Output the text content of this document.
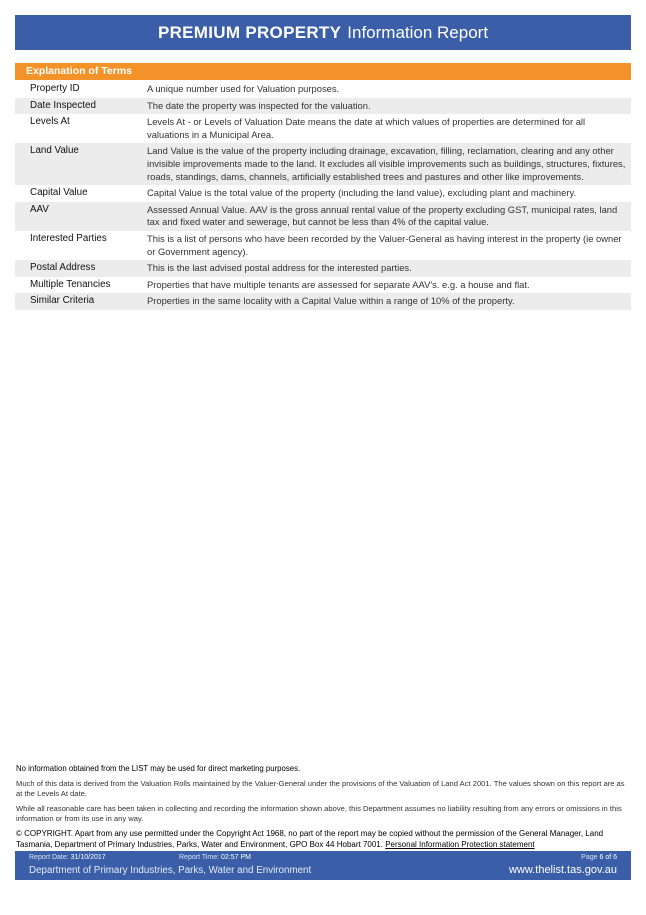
PREMIUM PROPERTY Information Report
Explanation of Terms
Property ID	A unique number used for Valuation purposes.
Date Inspected	The date the property was inspected for the valuation.
Levels At	Levels At - or Levels of Valuation Date means the date at which values of properties are determined for all valuations in a Municipal Area.
Land Value	Land Value is the value of the property including drainage, excavation, filling, reclamation, clearing and any other invisible improvements made to the land. It excludes all visible improvements such as buildings, structures, fixtures, roads, standings, dams, channels, artificially established trees and pastures and other like improvements.
Capital Value	Capital Value is the total value of the property (including the land value), excluding plant and machinery.
AAV	Assessed Annual Value. AAV is the gross annual rental value of the property excluding GST, municipal rates, land tax and fixed water and sewerage, but cannot be less than 4% of the capital value.
Interested Parties	This is a list of persons who have been recorded by the Valuer-General as having interest in the property (ie owner or Government agency).
Postal Address	This is the last advised postal address for the interested parties.
Multiple Tenancies	Properties that have multiple tenants are assessed for separate AAV's. e.g. a house and flat.
Similar Criteria	Properties in the same locality with a Capital Value within a range of 10% of the property.

No information obtained from the LIST may be used for direct marketing purposes.

Much of this data is derived from the Valuation Rolls maintained by the Valuer-General under the provisions of the Valuation of Land Act 2001. The values shown on this report are as at the Levels At date.

While all reasonable care has been taken in collecting and recording the information shown above, this Department assumes no liability resulting from any errors or omissions in this information or from its use in any way.

© COPYRIGHT. Apart from any use permitted under the Copyright Act 1968, no part of the report may be copied without the permission of the General Manager, Land Tasmania, Department of Primary Industries, Parks, Water and Environment, GPO Box 44 Hobart 7001. Personal Information Protection statement
Report Date: 31/10/2017	Report Time: 02:57 PM	Page 6 of 6
Department of Primary Industries, Parks, Water and Environment	www.thelist.tas.gov.au
